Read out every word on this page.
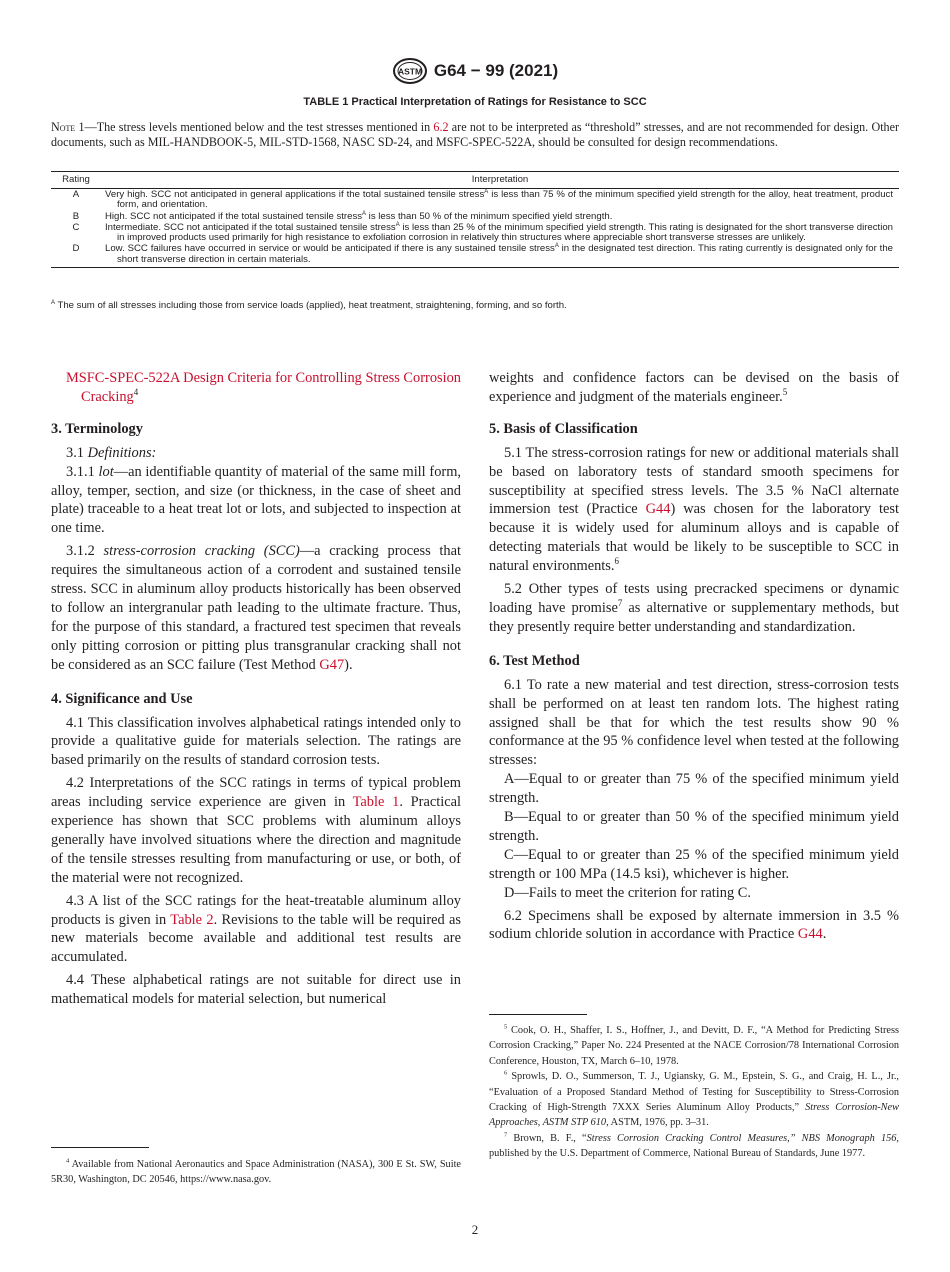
ASTM G64 − 99 (2021)
TABLE 1 Practical Interpretation of Ratings for Resistance to SCC
Note 1—The stress levels mentioned below and the test stresses mentioned in 6.2 are not to be interpreted as “threshold” stresses, and are not recommended for design. Other documents, such as MIL-HANDBOOK-5, MIL-STD-1568, NASC SD-24, and MSFC-SPEC-522A, should be consulted for design recommendations.
Rating	Interpretation
A	Very high. SCC not anticipated in general applications if the total sustained tensile stress$^A$ is less than 75 % of the minimum specified yield strength for the alloy, heat treatment, product form, and orientation.
B	High. SCC not anticipated if the total sustained tensile stress$^A$ is less than 50 % of the minimum specified yield strength.
C	Intermediate. SCC not anticipated if the total sustained tensile stress$^A$ is less than 25 % of the minimum specified yield strength. This rating is designated for the short transverse direction in improved products used primarily for high resistance to exfoliation corrosion in relatively thin structures where appreciable short transverse stresses are unlikely.
D	Low. SCC failures have occurred in service or would be anticipated if there is any sustained tensile stress$^A$ in the designated test direction. This rating currently is designated only for the short transverse direction in certain materials.
$^A$ The sum of all stresses including those from service loads (applied), heat treatment, straightening, forming, and so forth.

MSFC-SPEC-522A Design Criteria for Controlling Stress Corrosion Cracking$^4$

3. Terminology

3.1 Definitions:

3.1.1 lot—an identifiable quantity of material of the same mill form, alloy, temper, section, and size (or thickness, in the case of sheet and plate) traceable to a heat treat lot or lots, and subjected to inspection at one time.

3.1.2 stress-corrosion cracking (SCC)—a cracking process that requires the simultaneous action of a corrodent and sustained tensile stress. SCC in aluminum alloy products historically has been observed to follow an intergranular path leading to the ultimate fracture. Thus, for the purpose of this standard, a fractured test specimen that reveals only pitting corrosion or pitting plus transgranular cracking shall not be considered as an SCC failure (Test Method G47).

4. Significance and Use

4.1 This classification involves alphabetical ratings intended only to provide a qualitative guide for materials selection. The ratings are based primarily on the results of standard corrosion tests.

4.2 Interpretations of the SCC ratings in terms of typical problem areas including service experience are given in Table 1. Practical experience has shown that SCC problems with aluminum alloys generally have involved situations where the direction and magnitude of the tensile stresses resulting from manufacturing or use, or both, of the material were not recognized.

4.3 A list of the SCC ratings for the heat-treatable aluminum alloy products is given in Table 2. Revisions to the table will be required as new materials become available and additional test results are accumulated.

4.4 These alphabetical ratings are not suitable for direct use in mathematical models for material selection, but numerical

$^4$ Available from National Aeronautics and Space Administration (NASA), 300 E St. SW, Suite 5R30, Washington, DC 20546, https://www.nasa.gov.

weights and confidence factors can be devised on the basis of experience and judgment of the materials engineer.$^5$

5. Basis of Classification

5.1 The stress-corrosion ratings for new or additional materials shall be based on laboratory tests of standard smooth specimens for susceptibility at specified stress levels. The 3.5 % NaCl alternate immersion test (Practice G44) was chosen for the laboratory test because it is widely used for aluminum alloys and is capable of detecting materials that would be likely to be susceptible to SCC in natural environments.$^6$

5.2 Other types of tests using precracked specimens or dynamic loading have promise$^7$ as alternative or supplementary methods, but they presently require better understanding and standardization.

6. Test Method

6.1 To rate a new material and test direction, stress-corrosion tests shall be performed on at least ten random lots. The highest rating assigned shall be that for which the test results show 90 % conformance at the 95 % confidence level when tested at the following stresses:

A—Equal to or greater than 75 % of the specified minimum yield strength.

B—Equal to or greater than 50 % of the specified minimum yield strength.

C—Equal to or greater than 25 % of the specified minimum yield strength or 100 MPa (14.5 ksi), whichever is higher.

D—Fails to meet the criterion for rating C.

6.2 Specimens shall be exposed by alternate immersion in 3.5 % sodium chloride solution in accordance with Practice G44.

$^5$ Cook, O. H., Shaffer, I. S., Hoffner, J., and Devitt, D. F., “A Method for Predicting Stress Corrosion Cracking,” Paper No. 224 Presented at the NACE Corrosion/78 International Corrosion Conference, Houston, TX, March 6–10, 1978.

$^6$ Sprowls, D. O., Summerson, T. J., Ugiansky, G. M., Epstein, S. G., and Craig, H. L., Jr., “Evaluation of a Proposed Standard Method of Testing for Susceptibility to Stress-Corrosion Cracking of High-Strength 7XXX Series Aluminum Alloy Products,” Stress Corrosion-New Approaches, ASTM STP 610, ASTM, 1976, pp. 3–31.

$^7$ Brown, B. F., “Stress Corrosion Cracking Control Measures,” NBS Monograph 156, published by the U.S. Department of Commerce, National Bureau of Standards, June 1977.

2
